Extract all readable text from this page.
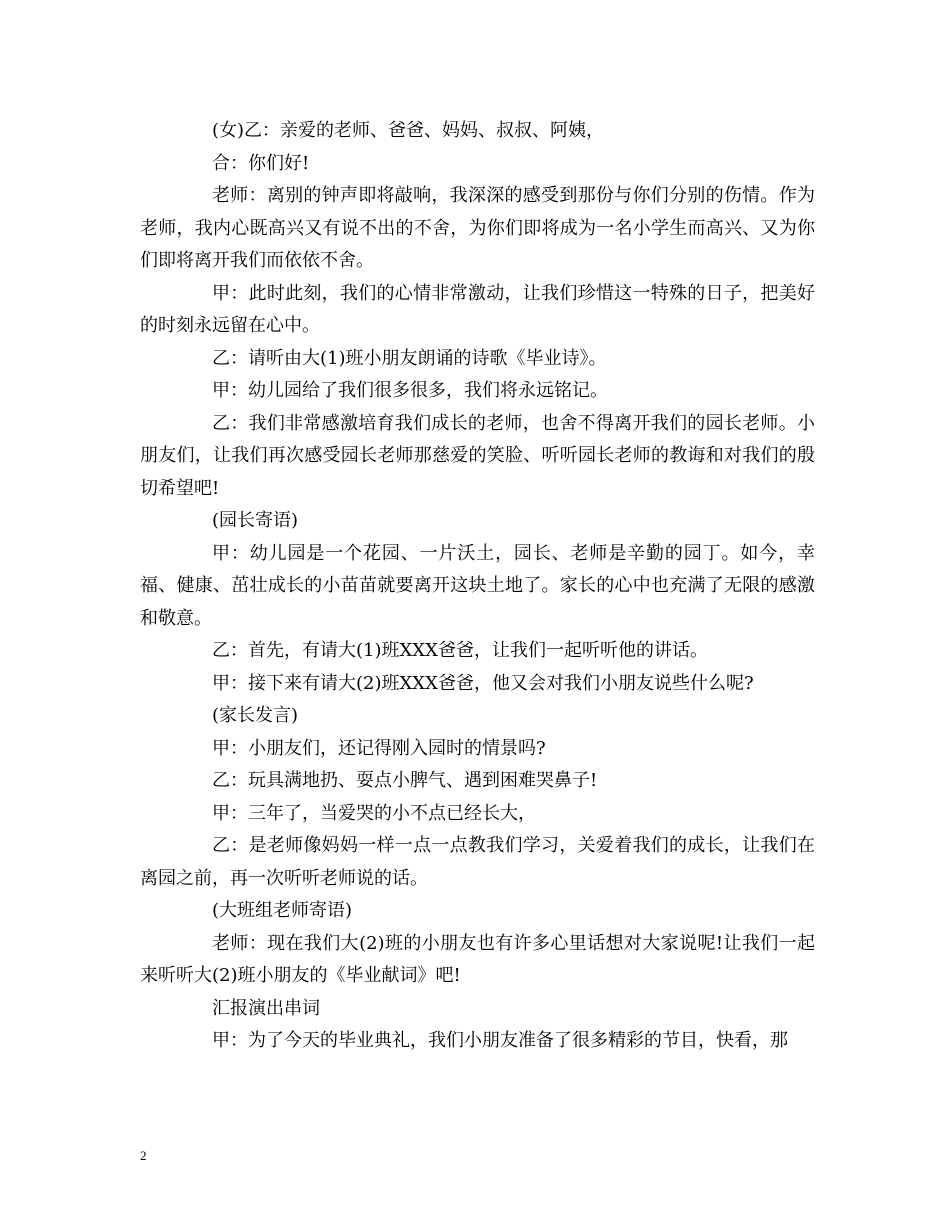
(女)乙：亲爱的老师、爸爸、妈妈、叔叔、阿姨，

合：你们好!

老师：离别的钟声即将敲响，我深深的感受到那份与你们分别的伤情。作为老师，我内心既高兴又有说不出的不舍，为你们即将成为一名小学生而高兴、又为你们即将离开我们而依依不舍。

甲：此时此刻，我们的心情非常激动，让我们珍惜这一特殊的日子，把美好的时刻永远留在心中。

乙：请听由大(1)班小朋友朗诵的诗歌《毕业诗》。

甲：幼儿园给了我们很多很多，我们将永远铭记。

乙：我们非常感激培育我们成长的老师，也舍不得离开我们的园长老师。小朋友们，让我们再次感受园长老师那慈爱的笑脸、听听园长老师的教诲和对我们的殷切希望吧!

(园长寄语)

甲：幼儿园是一个花园、一片沃土，园长、老师是辛勤的园丁。如今，幸福、健康、茁壮成长的小苗苗就要离开这块土地了。家长的心中也充满了无限的感激和敬意。

乙：首先，有请大(1)班XXX爸爸，让我们一起听听他的讲话。

甲：接下来有请大(2)班XXX爸爸，他又会对我们小朋友说些什么呢?

(家长发言)

甲：小朋友们，还记得刚入园时的情景吗?

乙：玩具满地扔、耍点小脾气、遇到困难哭鼻子!

甲：三年了，当爱哭的小不点已经长大，

乙：是老师像妈妈一样一点一点教我们学习，关爱着我们的成长，让我们在离园之前，再一次听听老师说的话。

(大班组老师寄语)

老师：现在我们大(2)班的小朋友也有许多心里话想对大家说呢!让我们一起来听听大(2)班小朋友的《毕业献词》吧!

汇报演出串词

甲：为了今天的毕业典礼，我们小朋友准备了很多精彩的节目，快看，那

2
